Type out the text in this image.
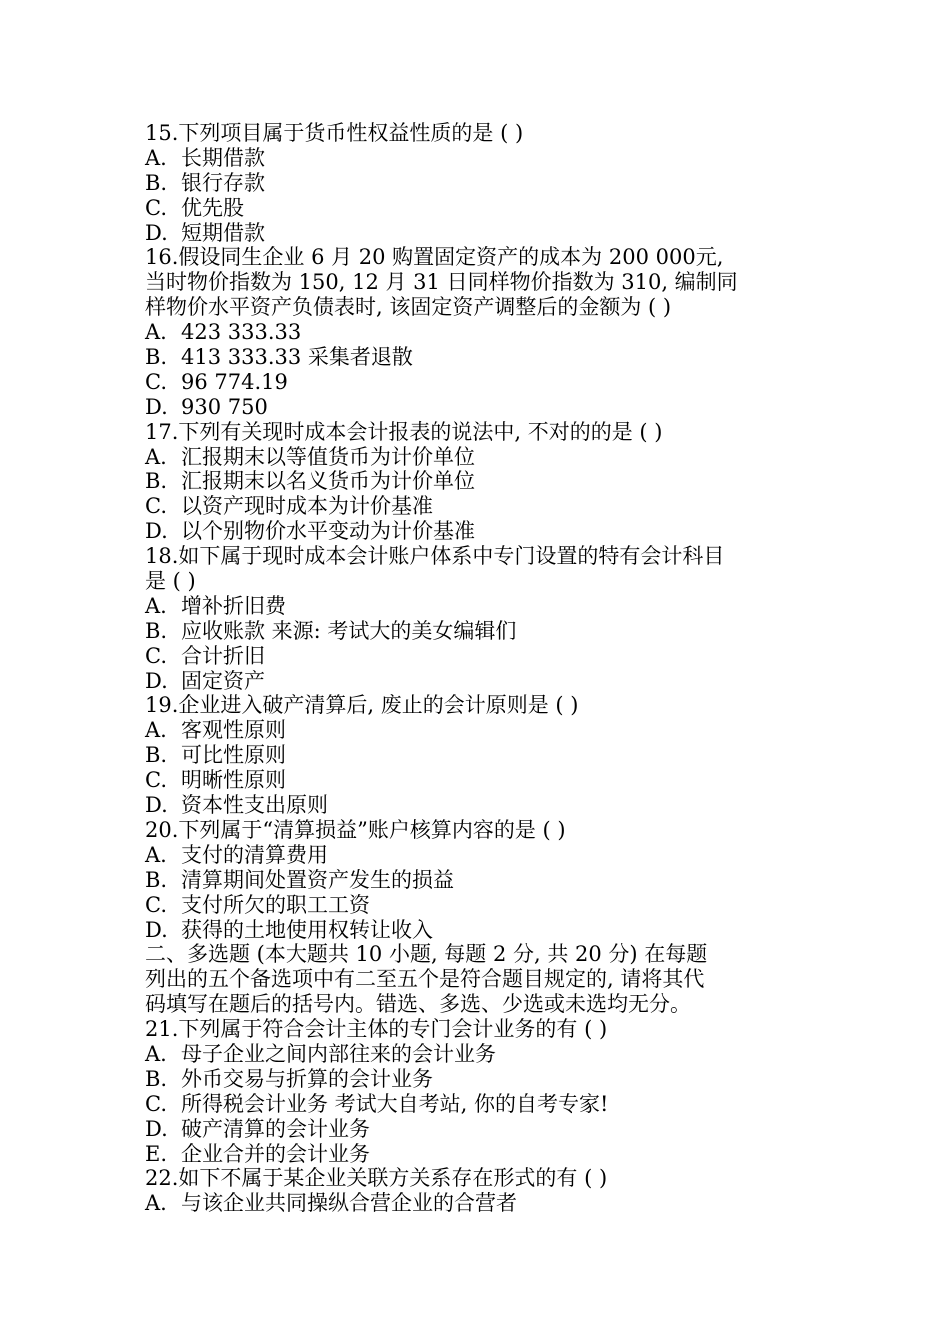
15.下列项目属于货币性权益性质的是 ( )
A. 长期借款
B. 银行存款
C. 优先股
D. 短期借款
16.假设同生企业 6 月 20 购置固定资产的成本为 200 000元,
当时物价指数为 150, 12 月 31 日同样物价指数为 310, 编制同
样物价水平资产负债表时, 该固定资产调整后的金额为 ( )
A. 423 333.33
B. 413 333.33 采集者退散
C. 96 774.19
D. 930 750
17.下列有关现时成本会计报表的说法中, 不对的的是 ( )
A. 汇报期末以等值货币为计价单位
B. 汇报期末以名义货币为计价单位
C. 以资产现时成本为计价基准
D. 以个别物价水平变动为计价基准
18.如下属于现时成本会计账户体系中专门设置的特有会计科目
是 ( )
A. 增补折旧费
B. 应收账款 来源: 考试大的美女编辑们
C. 合计折旧
D. 固定资产
19.企业进入破产清算后, 废止的会计原则是 ( )
A. 客观性原则
B. 可比性原则
C. 明晰性原则
D. 资本性支出原则
20.下列属于“清算损益”账户核算内容的是 ( )
A. 支付的清算费用
B. 清算期间处置资产发生的损益
C. 支付所欠的职工工资
D. 获得的土地使用权转让收入
二、多选题 (本大题共 10 小题, 每题 2 分, 共 20 分) 在每题
列出的五个备选项中有二至五个是符合题目规定的, 请将其代
码填写在题后的括号内。错选、多选、少选或未选均无分。
21.下列属于符合会计主体的专门会计业务的有 ( )
A. 母子企业之间内部往来的会计业务
B. 外币交易与折算的会计业务
C. 所得税会计业务 考试大自考站, 你的自考专家!
D. 破产清算的会计业务
E. 企业合并的会计业务
22.如下不属于某企业关联方关系存在形式的有 ( )
A. 与该企业共同操纵合营企业的合营者
